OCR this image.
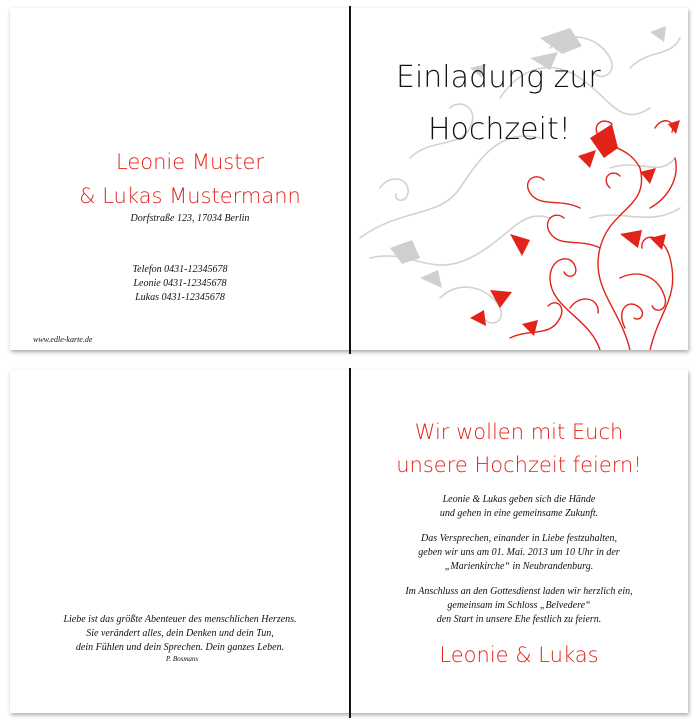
Leonie Muster
& Lukas Mustermann
Dorfstraße 123, 17034 Berlin
Telefon 0431-12345678
Leonie 0431-12345678
Lukas 0431-12345678
www.edle-karte.de
Einladung zur
Hochzeit!
Liebe ist das größte Abenteuer des menschlichen Herzens.
Sie verändert alles, dein Denken und dein Tun,
dein Fühlen und dein Sprechen. Dein ganzes Leben.
P. Bosmans
Wir wollen mit Euch
unsere Hochzeit feiern!
Leonie & Lukas geben sich die Hände
und gehen in eine gemeinsame Zukunft.
Das Versprechen, einander in Liebe festzuhalten,
geben wir uns am 01. Mai. 2013 um 10 Uhr in der
„Marienkirche“ in Neubrandenburg.
Im Anschluss an den Gottesdienst laden wir herzlich ein,
gemeinsam im Schloss „Belvedere“
den Start in unsere Ehe festlich zu feiern.
Leonie & Lukas
